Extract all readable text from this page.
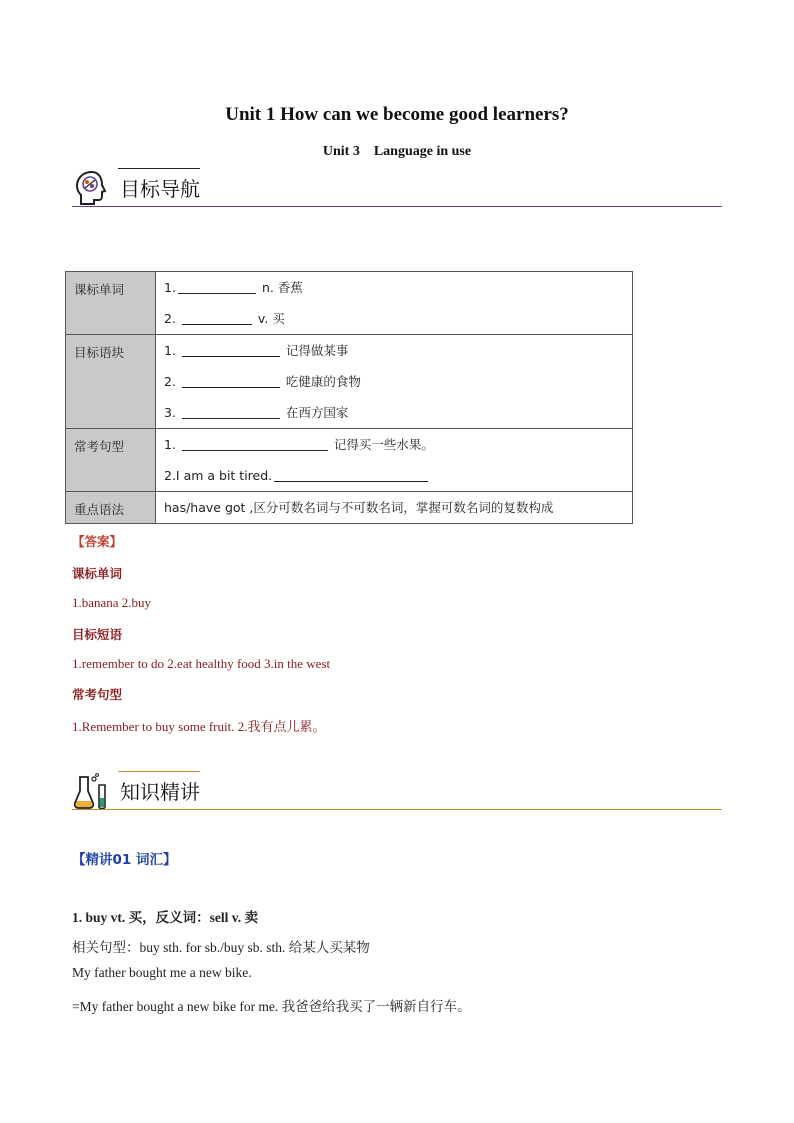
Unit 1 How can we become good learners?
Unit 3 Language in use
目标导航
课标单词	1. n. 香蕉
2. v. 买

目标语块	1. 记得做某事
2. 吃健康的食物
3. 在西方国家

常考句型	1. 记得买一些水果。
2.I am a bit tired.

重点语法	has/have got ,区分可数名词与不可数名词，掌握可数名词的复数构成
【答案】
课标单词
1.banana 2.buy
目标短语
1.remember to do 2.eat healthy food 3.in the west
常考句型
1.Remember to buy some fruit. 2.我有点儿累。
知识精讲
【精讲01 词汇】
1. buy vt. 买，反义词：sell v. 卖
相关句型：buy sth. for sb./buy sb. sth. 给某人买某物
My father bought me a new bike.
=My father bought a new bike for me. 我爸爸给我买了一辆新自行车。
